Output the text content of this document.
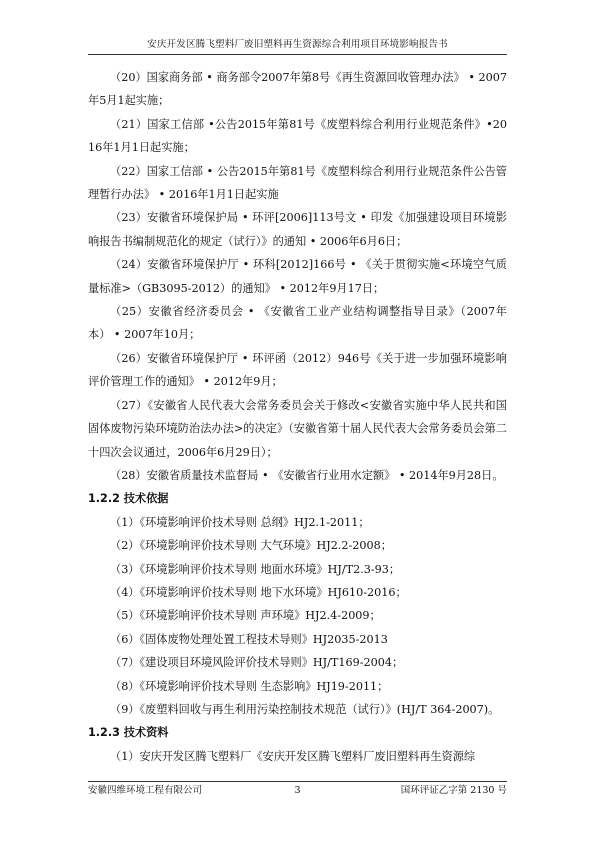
安庆开发区腾飞塑料厂废旧塑料再生资源综合利用项目环境影响报告书

（20）国家商务部 • 商务部令2007年第8号《再生资源回收管理办法》 • 2007年5月1起实施；

（21）国家工信部 •公告2015年第81号《废塑料综合利用行业规范条件》•2016年1月1日起实施；

（22）国家工信部 • 公告2015年第81号《废塑料综合利用行业规范条件公告管理暂行办法》 • 2016年1月1日起实施

（23）安徽省环境保护局 • 环评[2006]113号文 • 印发《加强建设项目环境影响报告书编制规范化的规定（试行）》的通知 • 2006年6月6日；

（24）安徽省环境保护厅 • 环科[2012]166号 • 《关于贯彻实施<环境空气质量标准>（GB3095-2012）的通知》 • 2012年9月17日；

（25）安徽省经济委员会 • 《安徽省工业产业结构调整指导目录》（2007年本） • 2007年10月；

（26）安徽省环境保护厅 • 环评函（2012）946号《关于进一步加强环境影响评价管理工作的通知》 • 2012年9月；

（27）《安徽省人民代表大会常务委员会关于修改<安徽省实施中华人民共和国固体废物污染环境防治法办法>的决定》（安徽省第十届人民代表大会常务委员会第二十四次会议通过，2006年6月29日）；

（28）安徽省质量技术监督局 • 《安徽省行业用水定额》 • 2014年9月28日。

1.2.2 技术依据

（1）《环境影响评价技术导则 总纲》HJ2.1-2011；

（2）《环境影响评价技术导则 大气环境》HJ2.2-2008；

（3）《环境影响评价技术导则 地面水环境》HJ/T2.3-93；

（4）《环境影响评价技术导则 地下水环境》HJ610-2016；

（5）《环境影响评价技术导则 声环境》HJ2.4-2009；

（6）《固体废物处理处置工程技术导则》HJ2035-2013

（7）《建设项目环境风险评价技术导则》HJ/T169-2004；

（8）《环境影响评价技术导则 生态影响》HJ19-2011；

（9）《废塑料回收与再生利用污染控制技术规范（试行）》(HJ/T 364-2007)。

1.2.3 技术资料

（1）安庆开发区腾飞塑料厂《安庆开发区腾飞塑料厂废旧塑料再生资源综

安徽四维环境工程有限公司	3	国环评证乙字第 2130 号
